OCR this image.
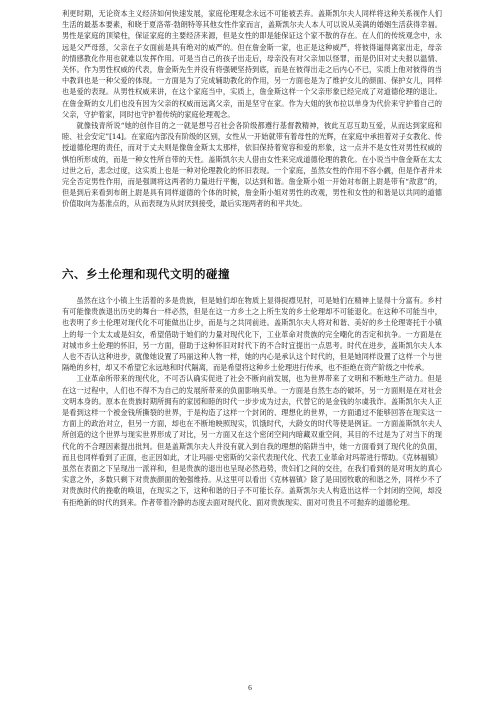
利更时期，无论资本主义经济如何快速发展，家庭伦理观念永远不可能被丢弃。盖斯凯尔夫人同样将这种关系视作人们生活的最基本要素，和晓于夏洛蒂·勃朗特等其他女性作家而言，盖斯凯尔夫人本人可以说从美满的婚姻生活获得幸福。男性是家庭的顶梁柱，保证家庭的主要经济来源，但是女性的即是能保证这个家不散的存在。在人们的传统观念中，永远是父严母慈，父亲在子女面前是具有绝对的威严的。但在詹金斯一家，也正是这种威严，将彼得逼得离家出走，母亲的情感教化作用也就难以发挥作用。可是当自己的孩子出走后，母亲没有对父亲加以怪罪，而是仍旧对丈夫报以温情、关怀。作为男性权威的代表，詹金斯先生并没有将强硬坚持到底，而是在彼得出走之后内心不已，实质上他对彼得的当中教训也是一种父爱的体现。一方面是为了完成辅助教化的作用，另一方面也是为了维护女儿的颜面、保护女儿，同样也是爱的表现。从男性权威来讲，在这个家庭当中，实质上，詹金斯这样一个父亲形象已经完成了对道德伦理的退让。在詹金斯的女儿们也没有因为父亲的权威而远离父亲，而是坚守在家。作为大姐的狄布拉以单身为代价来守护着自己的父亲，守护着家，同时也守护着传统的家庭伦理观念。

就像钱青所说“她的创作目的之一就是想号召社会各阶级都遵行基督教精神，彼此互忍互助互爱，从而达到家庭和睦、社会安定”[14]。在家庭内部没有阶级的区别，女性从一开始就带有着母性的光辉，在家庭中承担着对子女教化、传授道德伦理的责任，而对于丈夫则是像詹金斯太太那样，依旧保持着宽容和爱的形象，这一点并不是女性对男性权威的惧怕所形成的，而是一种女性所自带的天性。盖斯凯尔夫人借由女性来完成道德伦理的教化。在小说当中詹金斯在太太过世之后，悲念过度，这实质上也是一种对伦理教化的怀旧表现。一个家庭，虽然女性的作用不容小觑，但是作者并未完全否定男性作用，而是强调将这两者的力量进行平衡，以达到和谐。詹金斯小姐一开始对布朗上尉是带有“敌意”的，但是到后来看到布朗上尉是具有同样道德的个体的时候，詹金斯小姐对男性的改观，男性和女性的和谐是以共同的道德价值取向为基准点的，从而表现为从封厌到接受，最后实现两者的和平共处。

六、乡土伦理和现代文明的碰撞

虽然在这个小镇上生活着的多是贵族，但是她们却在物质上显得捉襟见肘，可是她们在精神上显得十分富有。乡村有可能像贵族退出历史的舞台一样必然，但是在这一方乡土之上所生发的乡土伦理却不可能退化。在这种不可能当中，也表明了乡土伦理对现代化不可能做出让步，而是与之共同前进。盖斯凯尔夫人将对和谐、美好的乡土伦理寄托于小镇上的每一个太太或是妇女，希望借助于她们的力量对现代化下，工业革命对贵族的完全嘲化的否定和抗争。一方面是在对城市乡土伦理的怀旧，另一方面，借助于这种怀旧对时代下的不合时宜提出一点思考。时代在进步，盖斯凯尔夫人本人也不否认这种进步，就像她设置了玛丽这种人物一样，她的内心是承认这个时代的，但是她同样设置了这样一个与世隔绝的乡村，却又不希望它永远地和时代隔离，而是希望将这种乡土伦理进行传承，也不拒绝在资产阶级之中传承。

工业革命所带来的现代化，不可否认确实促进了社会不断向前发展，也为世界带来了文明和不断地生产动力。但是在这一过程中，人们也不得不为自己的发展所带来的负面影响买单。一方面是自然生态的破坏，另一方面则是在对社会文明本身的。原本在贵族时期所拥有的家园和睦的时代一步步成为过去，代替它的是金钱的尔虞我诈。盖斯凯尔夫人正是看到这样一个被金钱所撕裂的世界，于是构造了这样一个封闭的、理想化的世界，一方面通过不能够回答在现实这一方面上的政治对立，但另一方面，却也在不断地映照现实，饥饿时代，大龄女的时代等使是例证。一方面盖斯凯尔夫人所创造的这个世界与现实世界形成了对比，另一方面又在这个密闭空间内暗藏双重空间，其目的不过是为了对当下的现代化的不合理因素提出批判。但是盖斯凯尔夫人并没有就入到自我的理想的陷阱当中，她一方面看到了现代化的负面，而且也同样看到了正面，也正因如此，才让玛丽·史密斯的父亲代表现代化、代表工业革命对玛蒂进行帮助。《克林福镇》虽然在表面之下呈现出一派祥和，但是贵族的退出也呈现必然趋势，贵妇们之间的交往，在我们看到的是对明友的真心实意之外，多数只剩下对贵族颜面的勉强维持。从这里可以看出《克林福镇》除了是田园牧歌的和谐之外，同样少不了对贵族时代的挽歌的唤诅，在现实之下，这种和谐的日子不可能长存。盖斯凯尔夫人构造出这样一个封闭的空间，却没有拒绝新的时代的到来。作者带着冷静的态度去面对现代化、面对贵族现实、面对可贵且不可抛弃的道德伦理。

6
